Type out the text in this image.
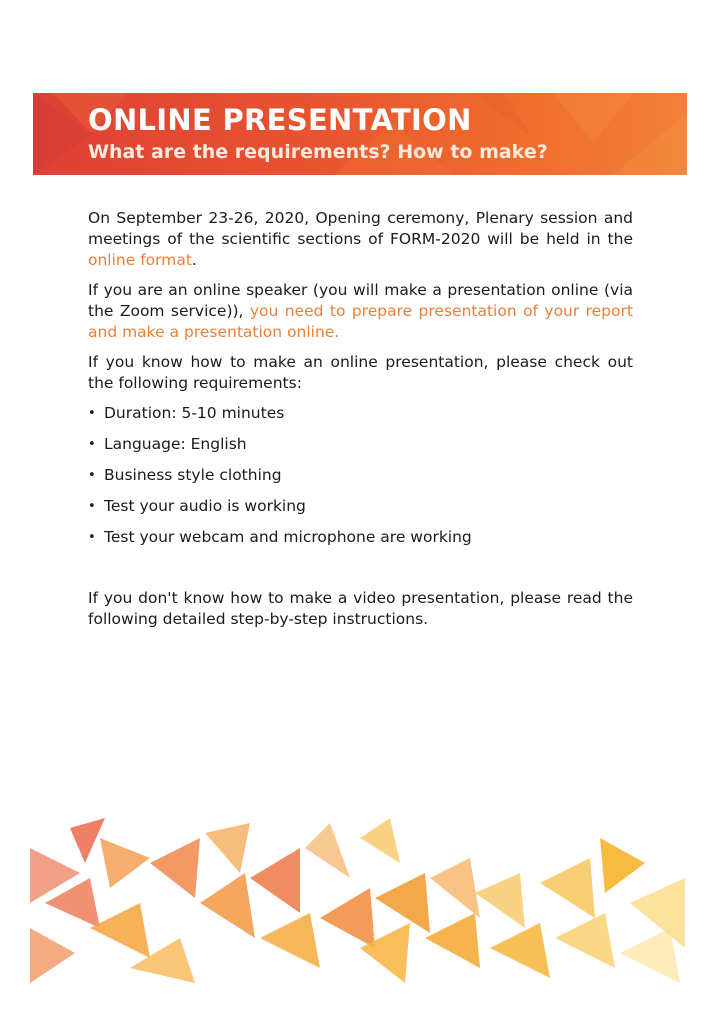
ONLINE PRESENTATION
What are the requirements? How to make?

On September 23-26, 2020, Opening ceremony, Plenary session and meetings of the scientific sections of FORM-2020 will be held in the online format.

If you are an online speaker (you will make a presentation online (via the Zoom service)), you need to prepare presentation of your report and make a presentation online.

If you know how to make an online presentation, please check out the following requirements:

• Duration: 5-10 minutes
• Language: English
• Business style clothing
• Test your audio is working
• Test your webcam and microphone are working

If you don't know how to make a video presentation, please read the following detailed step-by-step instructions.

1
